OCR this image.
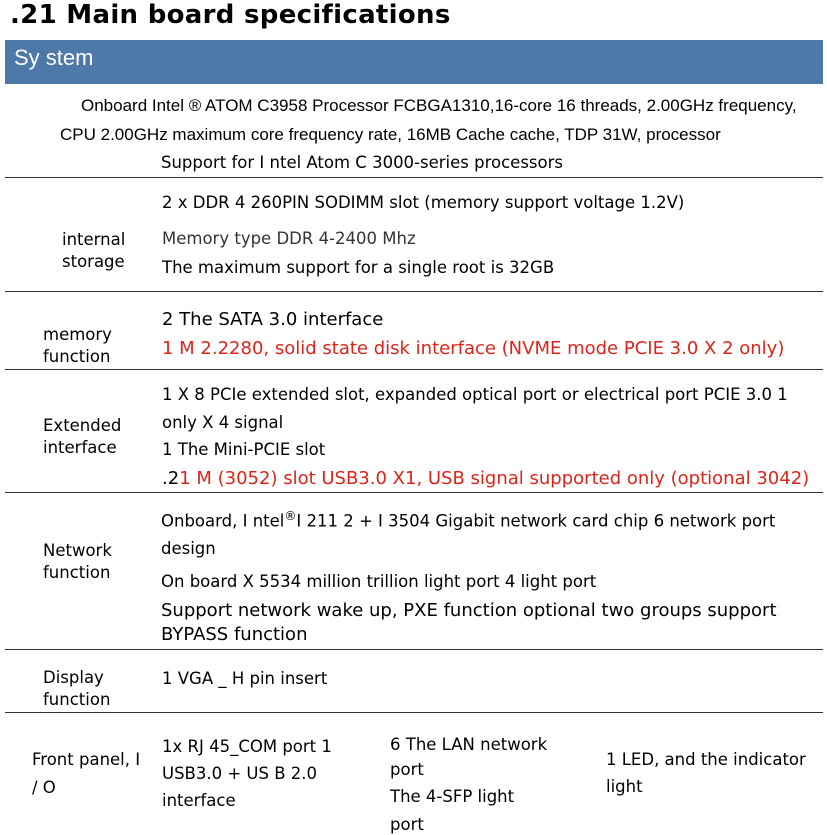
.21 Main board specifications
Sy stem
Onboard Intel ® ATOM C3958 Processor FCBGA1310,16-core 16 threads, 2.00GHz frequency,
CPU 2.00GHz maximum core frequency rate, 16MB Cache cache, TDP 31W, processor
Support for I ntel Atom C 3000-series processors
internal
storage
2 x DDR 4 260PIN SODIMM slot (memory support voltage 1.2V)
Memory type DDR 4-2400 Mhz
The maximum support for a single root is 32GB
memory
function
2 The SATA 3.0 interface
1 M 2.2280, solid state disk interface (NVME mode PCIE 3.0 X 2 only)
Extended
interface
1 X 8 PCIe extended slot, expanded optical port or electrical port PCIE 3.0 1
only X 4 signal
1 The Mini-PCIE slot
.21 M (3052) slot USB3.0 X1, USB signal supported only (optional 3042)
Network
function
Onboard, I ntel®I 211 2 + I 3504 Gigabit network card chip 6 network port
design
On board X 5534 million trillion light port 4 light port
Support network wake up, PXE function optional two groups support
BYPASS function
Display
function
1 VGA _ H pin insert
Front panel, I
/ O
1x RJ 45_COM port 1
USB3.0 + US B 2.0
interface
6 The LAN network
port
The 4-SFP light
port
1 LED, and the indicator
light
